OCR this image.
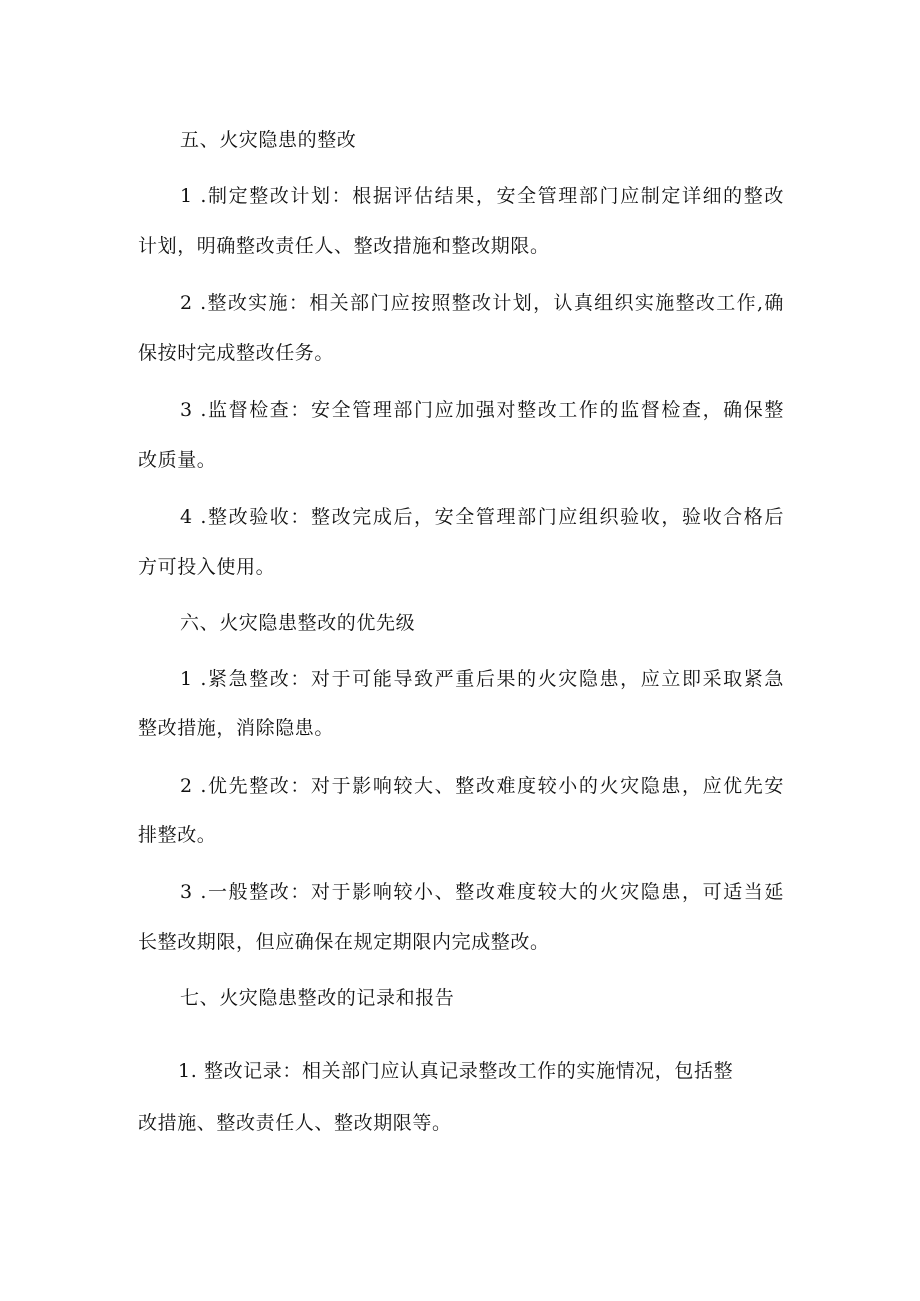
五、火灾隐患的整改

1 .制定整改计划：根据评估结果，安全管理部门应制定详细的整改

计划，明确整改责任人、整改措施和整改期限。

2 .整改实施：相关部门应按照整改计划，认真组织实施整改工作,确

保按时完成整改任务。

3 .监督检查：安全管理部门应加强对整改工作的监督检查，确保整

改质量。

4 .整改验收：整改完成后，安全管理部门应组织验收，验收合格后

方可投入使用。

六、火灾隐患整改的优先级

1 .紧急整改：对于可能导致严重后果的火灾隐患，应立即采取紧急

整改措施，消除隐患。

2 .优先整改：对于影响较大、整改难度较小的火灾隐患，应优先安

排整改。

3 .一般整改：对于影响较小、整改难度较大的火灾隐患，可适当延

长整改期限，但应确保在规定期限内完成整改。

七、火灾隐患整改的记录和报告

1. 整改记录：相关部门应认真记录整改工作的实施情况，包括整

改措施、整改责任人、整改期限等。
